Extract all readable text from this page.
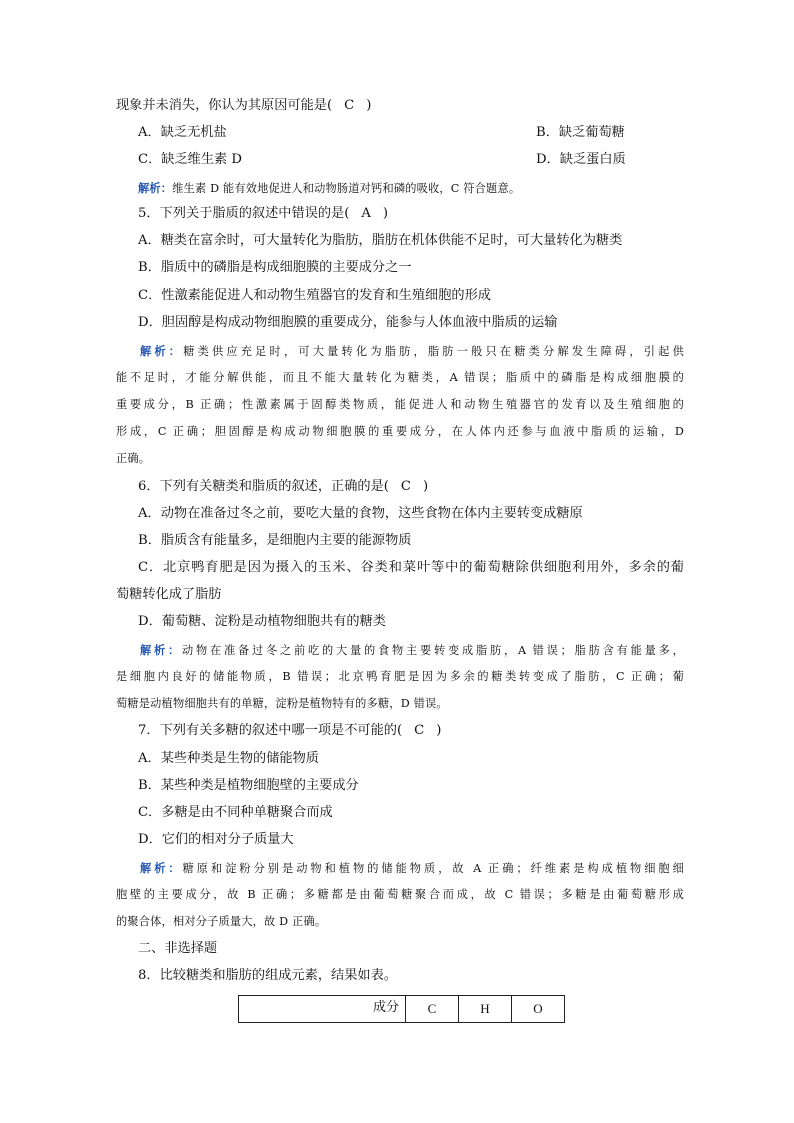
现象并未消失，你认为其原因可能是( C )
A．缺乏无机盐	B．缺乏葡萄糖
C．缺乏维生素 D	D．缺乏蛋白质
解析：维生素 D 能有效地促进人和动物肠道对钙和磷的吸收，C 符合题意。
5．下列关于脂质的叙述中错误的是( A )
A．糖类在富余时，可大量转化为脂肪，脂肪在机体供能不足时，可大量转化为糖类
B．脂质中的磷脂是构成细胞膜的主要成分之一
C．性激素能促进人和动物生殖器官的发育和生殖细胞的形成
D．胆固醇是构成动物细胞膜的重要成分，能参与人体血液中脂质的运输
解析：糖类供应充足时，可大量转化为脂肪，脂肪一般只在糖类分解发生障碍，引起供
能不足时，才能分解供能，而且不能大量转化为糖类，A 错误；脂质中的磷脂是构成细胞膜的
重要成分，B 正确；性激素属于固醇类物质，能促进人和动物生殖器官的发育以及生殖细胞的
形成，C 正确；胆固醇是构成动物细胞膜的重要成分，在人体内还参与血液中脂质的运输，D
正确。
6．下列有关糖类和脂质的叙述，正确的是( C )
A．动物在准备过冬之前，要吃大量的食物，这些食物在体内主要转变成糖原
B．脂质含有能量多，是细胞内主要的能源物质
C．北京鸭育肥是因为摄入的玉米、谷类和菜叶等中的葡萄糖除供细胞利用外，多余的葡
萄糖转化成了脂肪
D．葡萄糖、淀粉是动植物细胞共有的糖类
解析：动物在准备过冬之前吃的大量的食物主要转变成脂肪，A 错误；脂肪含有能量多，
是细胞内良好的储能物质，B 错误；北京鸭育肥是因为多余的糖类转变成了脂肪，C 正确；葡
萄糖是动植物细胞共有的单糖，淀粉是植物特有的多糖，D 错误。
7．下列有关多糖的叙述中哪一项是不可能的( C )
A．某些种类是生物的储能物质
B．某些种类是植物细胞壁的主要成分
C．多糖是由不同种单糖聚合而成
D．它们的相对分子质量大
解析：糖原和淀粉分别是动物和植物的储能物质，故 A 正确；纤维素是构成植物细胞细
胞壁的主要成分，故 B 正确；多糖都是由葡萄糖聚合而成，故 C 错误；多糖是由葡萄糖形成
的聚合体，相对分子质量大，故 D 正确。
二、非选择题
8．比较糖类和脂肪的组成元素，结果如表。
成分	C	H	O
